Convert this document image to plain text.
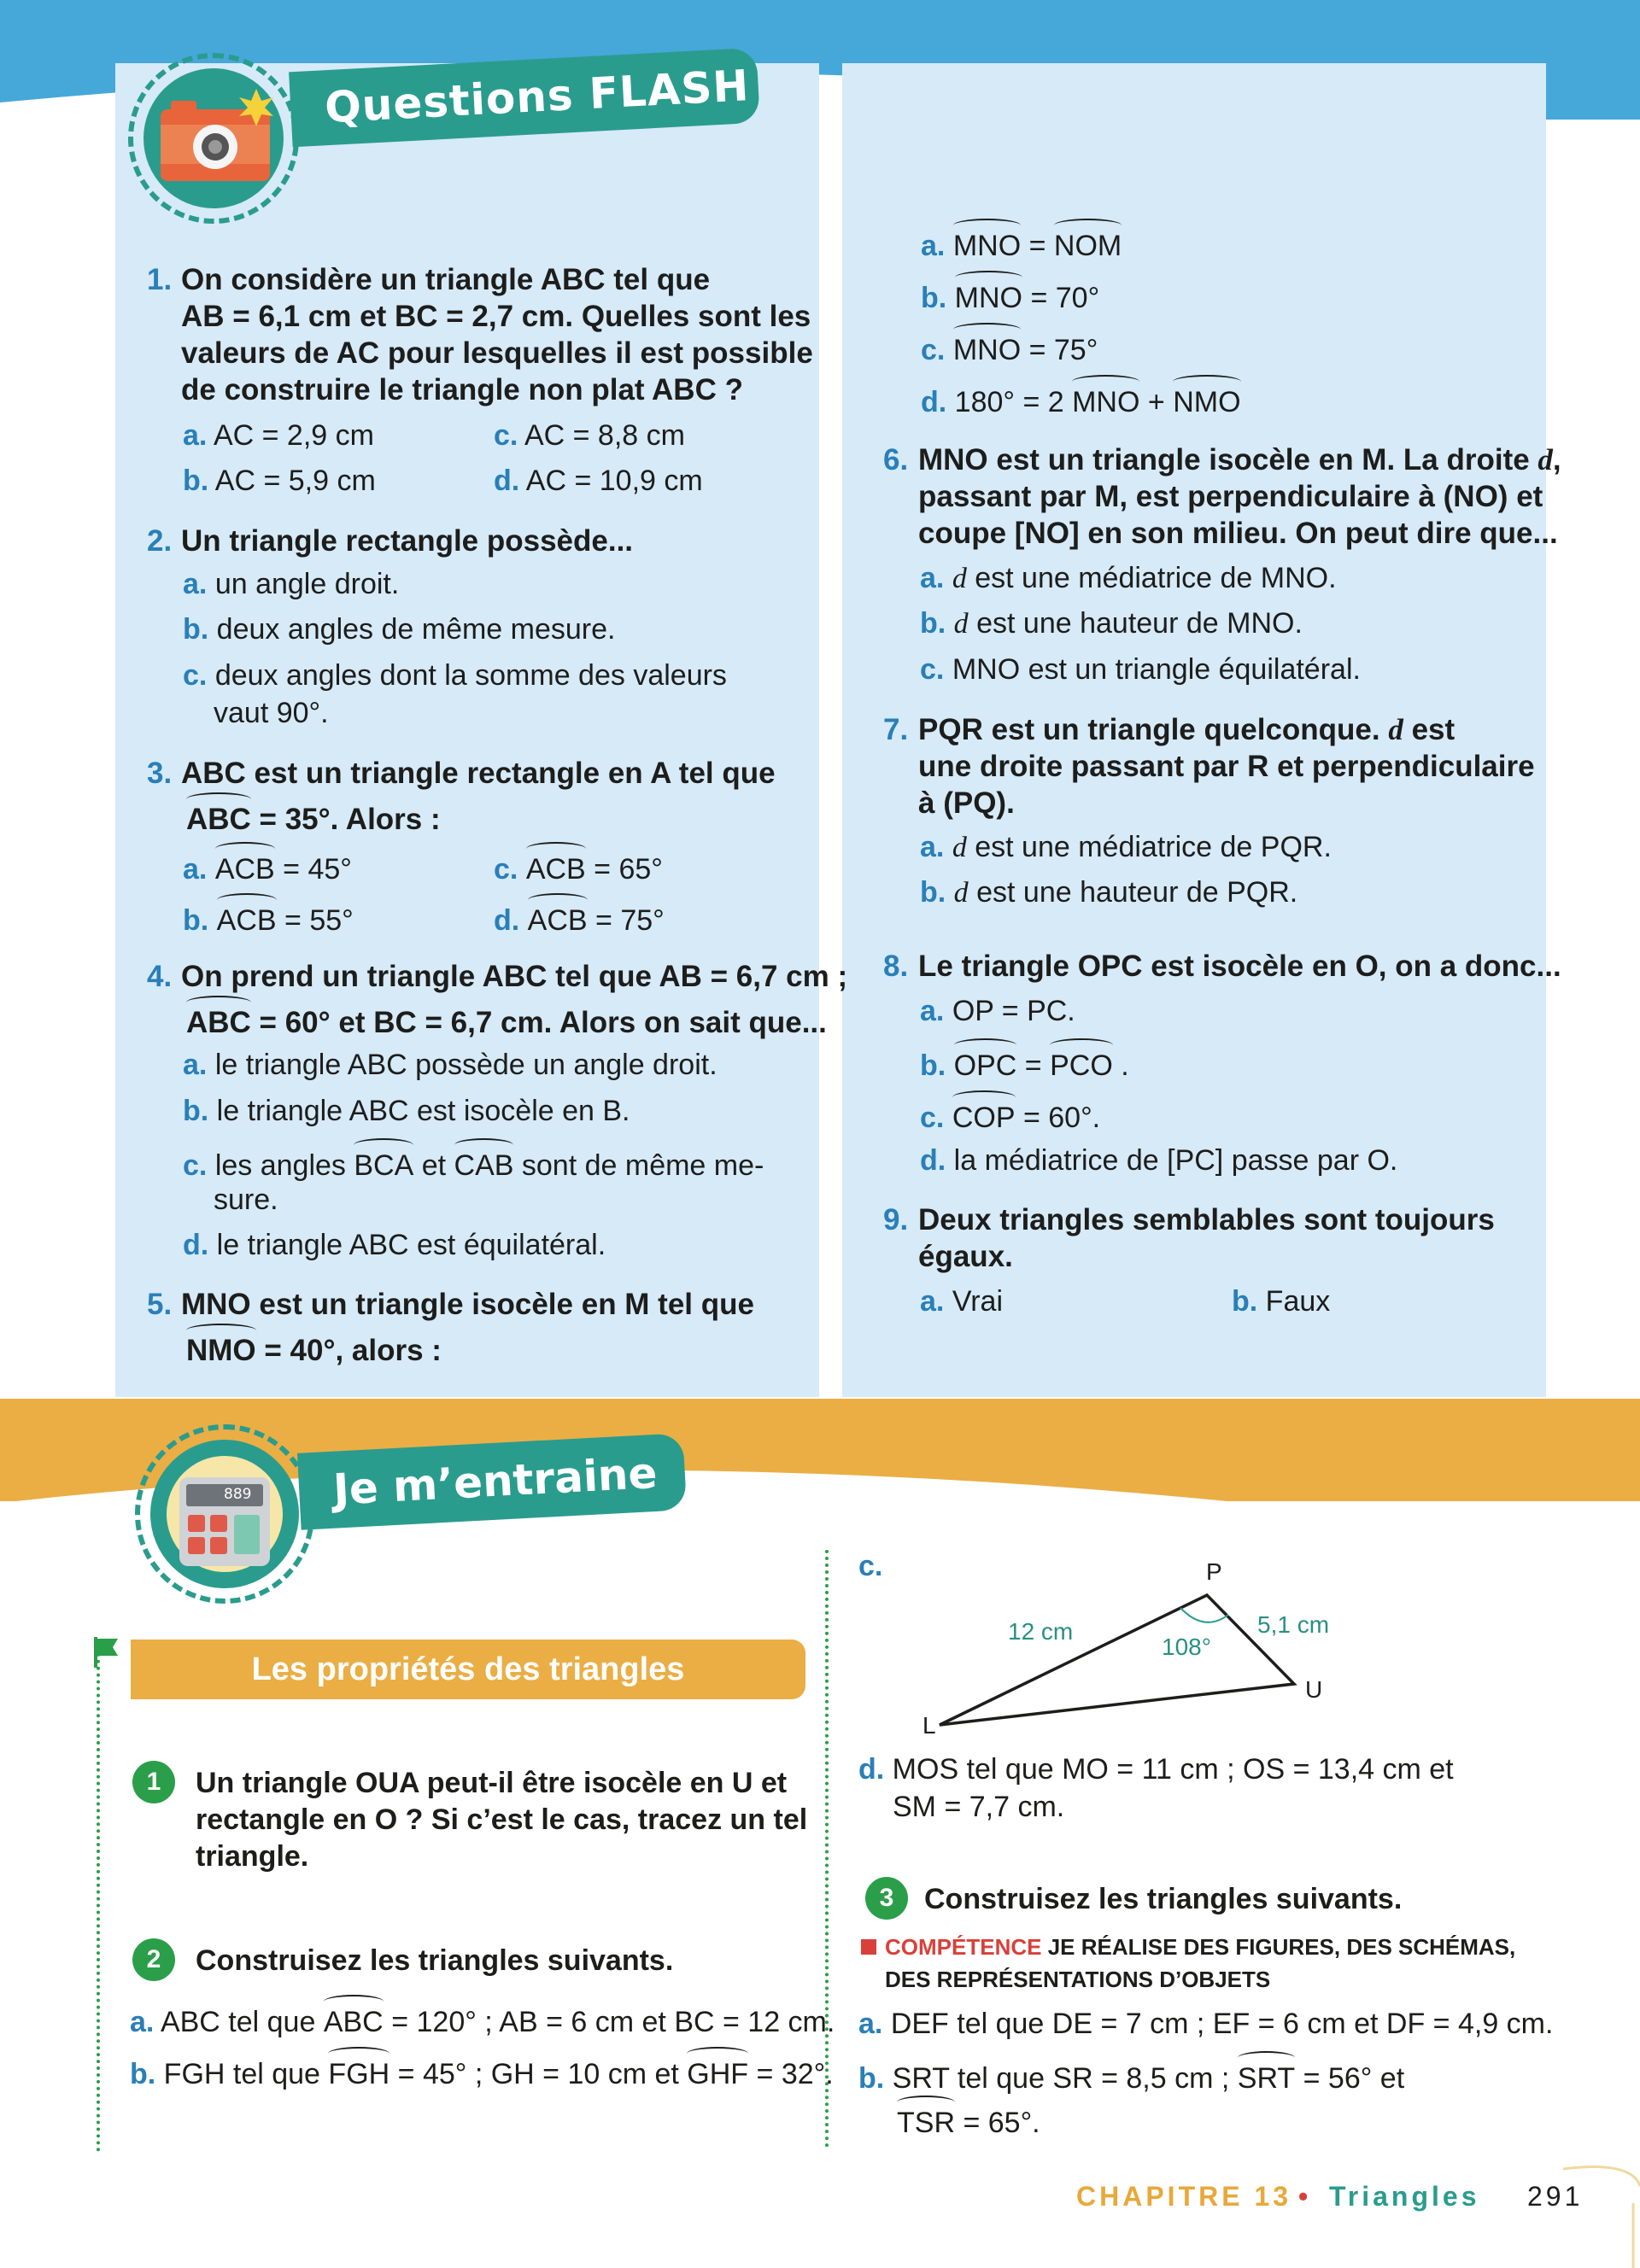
Questions FLASH
1. On considère un triangle ABC tel que
AB = 6,1 cm et BC = 2,7 cm. Quelles sont les
valeurs de AC pour lesquelles il est possible
de construire le triangle non plat ABC ?
a. AC = 2,9 cm	c. AC = 8,8 cm
b. AC = 5,9 cm	d. AC = 10,9 cm
2. Un triangle rectangle possède...
a. un angle droit.
b. deux angles de même mesure.
c. deux angles dont la somme des valeurs
vaut 90°.
3. ABC est un triangle rectangle en A tel que
ABC = 35°. Alors :
a. ACB = 45°	c. ACB = 65°
b. ACB = 55°	d. ACB = 75°
4. On prend un triangle ABC tel que AB = 6,7 cm ;
ABC = 60° et BC = 6,7 cm. Alors on sait que...
a. le triangle ABC possède un angle droit.
b. le triangle ABC est isocèle en B.
c. les angles BCA et CAB sont de même me-
sure.
d. le triangle ABC est équilatéral.
5. MNO est un triangle isocèle en M tel que
NMO = 40°, alors :
a. MNO = NOM
b. MNO = 70°
c. MNO = 75°
d. 180° = 2 MNO + NMO
6. MNO est un triangle isocèle en M. La droite d,
passant par M, est perpendiculaire à (NO) et
coupe [NO] en son milieu. On peut dire que...
a. d est une médiatrice de MNO.
b. d est une hauteur de MNO.
c. MNO est un triangle équilatéral.
7. PQR est un triangle quelconque. d est
une droite passant par R et perpendiculaire
à (PQ).
a. d est une médiatrice de PQR.
b. d est une hauteur de PQR.
8. Le triangle OPC est isocèle en O, on a donc...
a. OP = PC.
b. OPC = PCO .
c. COP = 60°.
d. la médiatrice de [PC] passe par O.
9. Deux triangles semblables sont toujours
égaux.
a. Vrai	b. Faux
889	Je m’entraine
Les propriétés des triangles
1	Un triangle OUA peut-il être isocèle en U et
rectangle en O ? Si c’est le cas, tracez un tel
triangle.
2	Construisez les triangles suivants.
a. ABC tel que ABC = 120° ; AB = 6 cm et BC = 12 cm.
b. FGH tel que FGH = 45° ; GH = 10 cm et GHF = 32°.
c.	P
L
U
12 cm	5,1 cm
108°
d. MOS tel que MO = 11 cm ; OS = 13,4 cm et
SM = 7,7 cm.
3	Construisez les triangles suivants.
COMPÉTENCE JE RÉALISE DES FIGURES, DES SCHÉMAS,
DES REPRÉSENTATIONS D’OBJETS
a. DEF tel que DE = 7 cm ; EF = 6 cm et DF = 4,9 cm.
b. SRT tel que SR = 8,5 cm ; SRT = 56° et
TSR = 65°.
CHAPITRE 13 • Triangles 291
